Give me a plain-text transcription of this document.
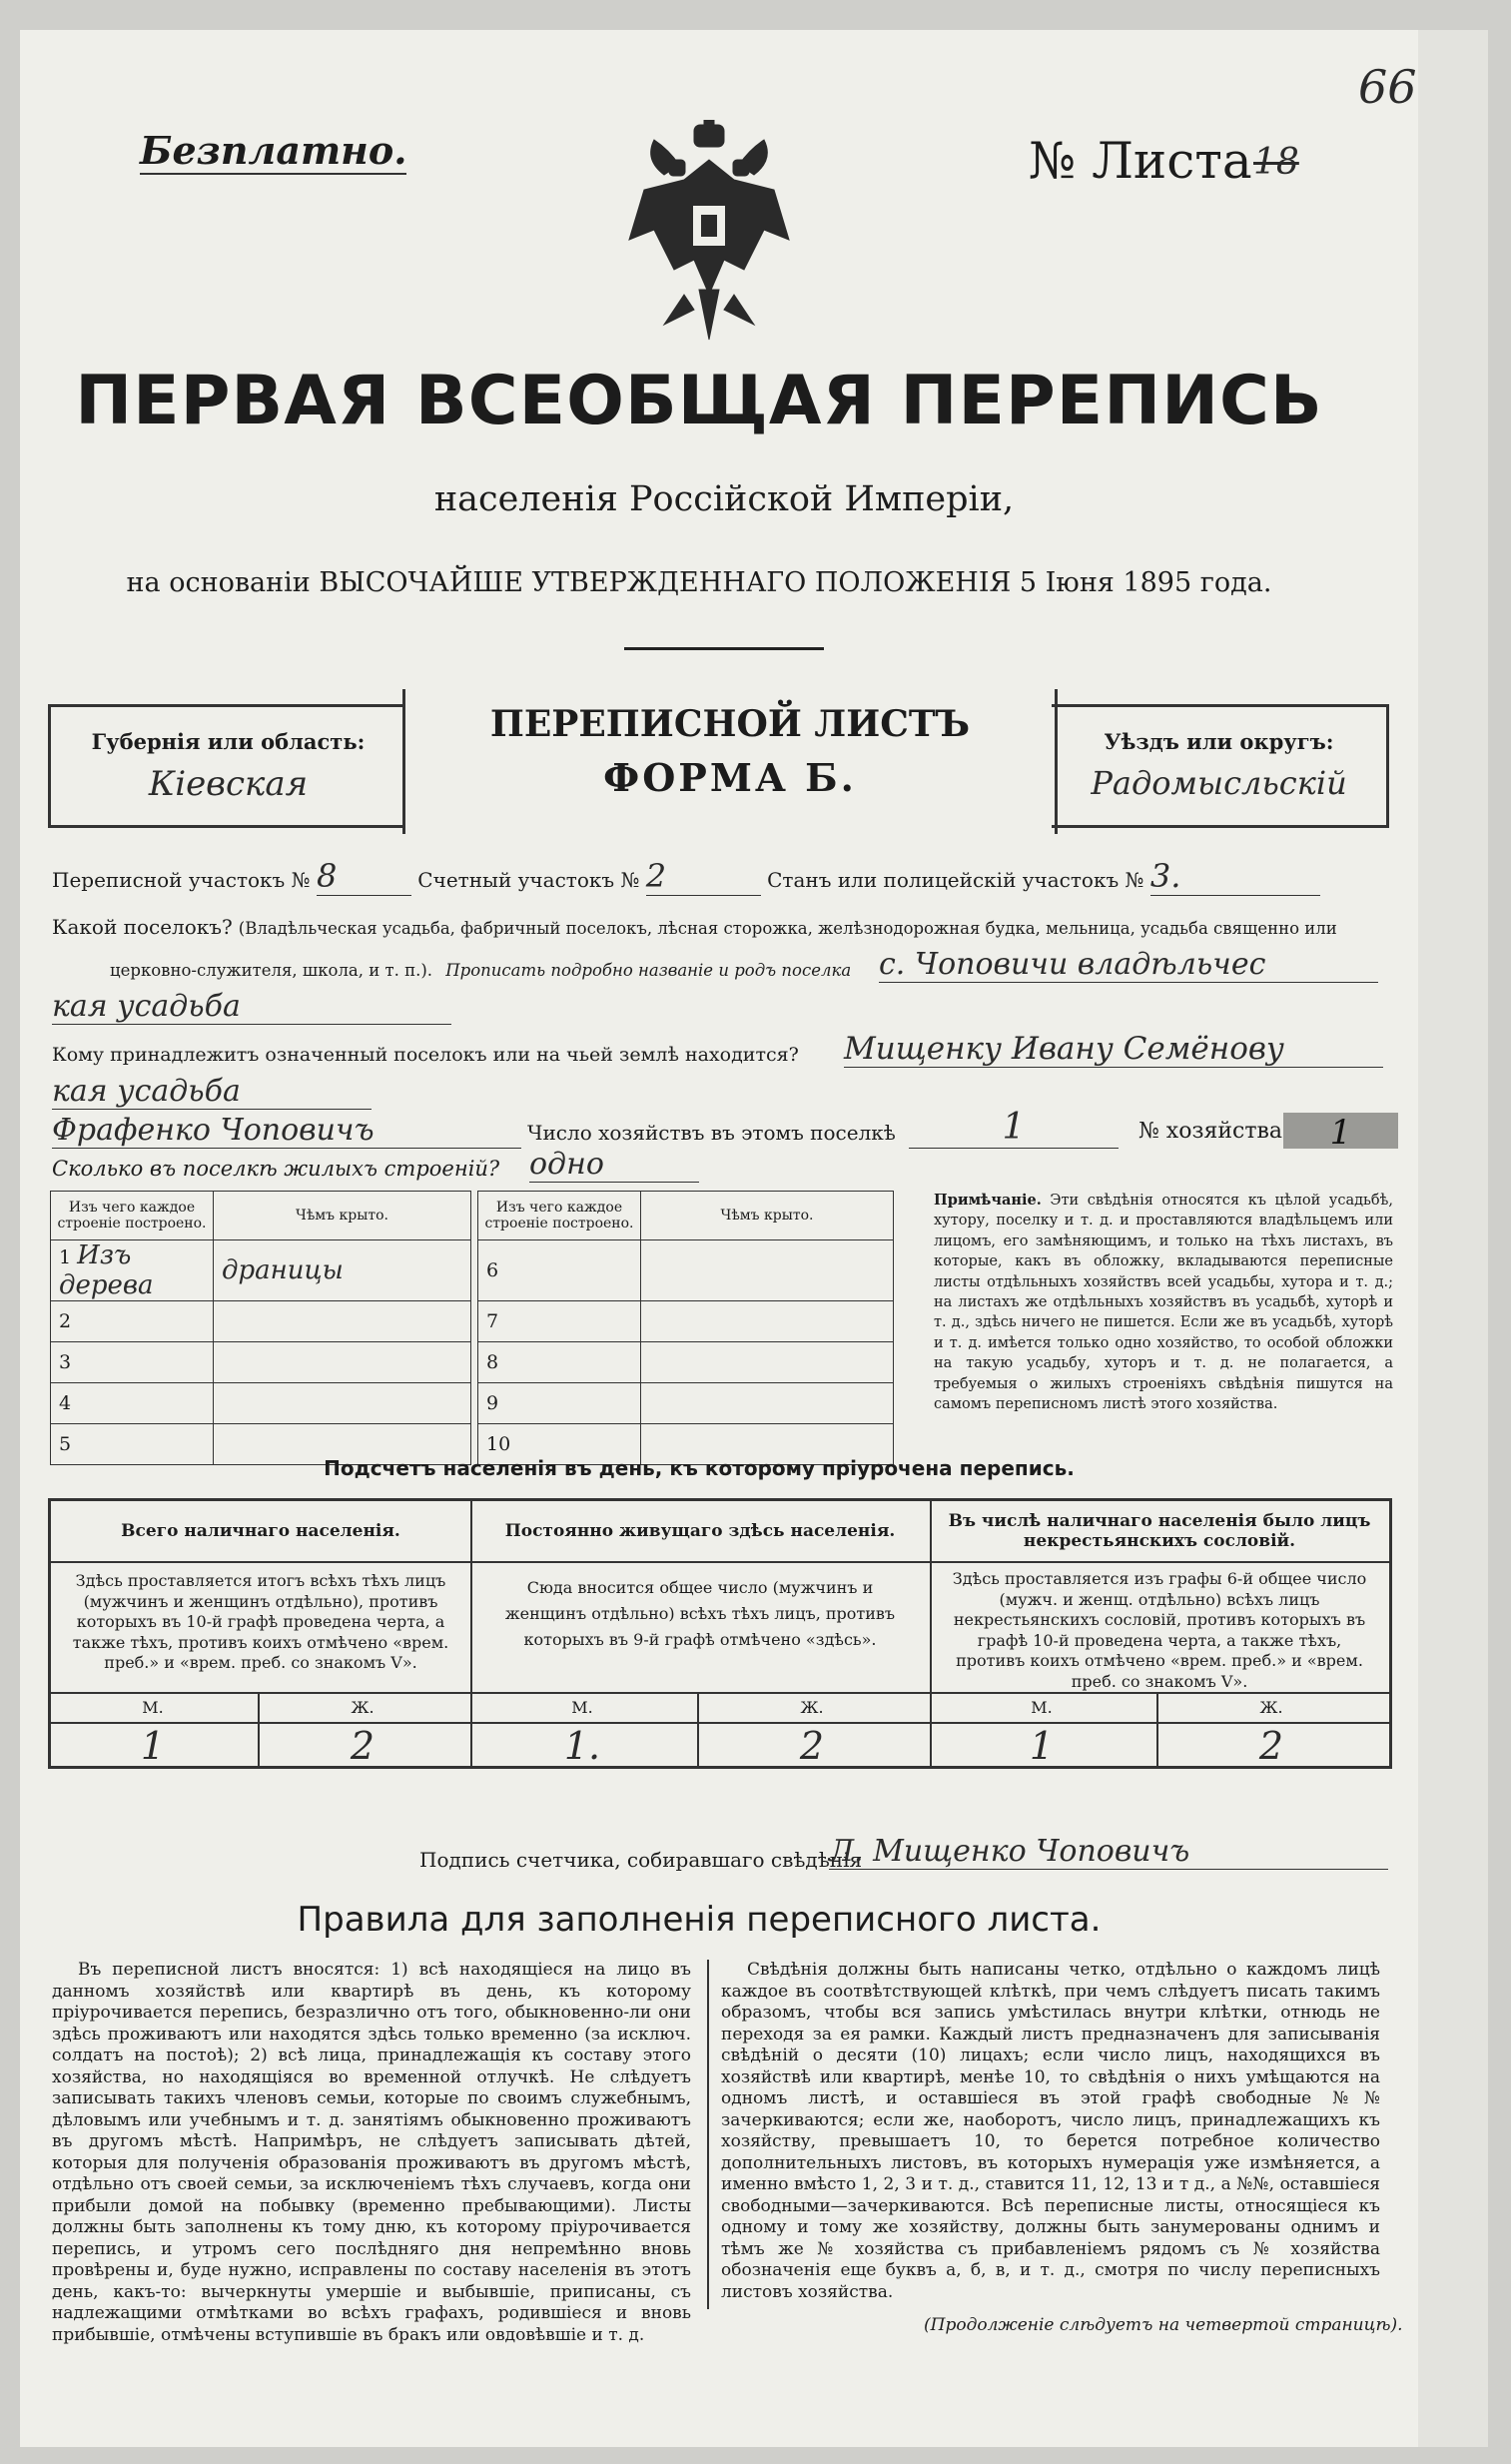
66
Безплатно.	№ Листа 18
ПЕРВАЯ ВСЕОБЩАЯ ПЕРЕПИСЬ
населенія Россійской Имперіи,
на основаніи ВЫСОЧАЙШЕ УТВЕРЖДЕННАГО ПОЛОЖЕНІЯ 5 Іюня 1895 года.
Губернія или область:
Кіевская
ПЕРЕПИСНОЙ ЛИСТЪ
ФОРМА Б.
Уѣздъ или округъ:
Радомысльскій
Переписной участокъ № 8	Счетный участокъ № 2	Станъ или полицейскій участокъ № 3.
Какой поселокъ? (Владѣльческая усадьба, фабричный поселокъ, лѣсная сторожка, желѣзнодорожная будка, мельница, усадьба священно или
церковно-служителя, школа, и т. п.). Прописать подробно названіе и родъ поселка с. Чоповичи владѣльчес
кая усадьба
Кому принадлежитъ означенный поселокъ или на чьей землѣ находится? Мищенку Ивану Семёнову
кая усадьба
Фрафенко Чоповичъ	Число хозяйствъ въ этомъ поселкѣ	1	№ хозяйства	1
Сколько въ поселкѣ жилыхъ строеній? одно
Изъ чего каждое строеніе построено.	Чѣмъ крыто.		Изъ чего каждое строеніе построено.	Чѣмъ крыто.
1 Изъ дерева	драницы		6	
2			7	
3			8	
4			9	
5			10	
Примѣчаніе. Эти свѣдѣнія относятся къ цѣлой усадьбѣ, хутору, поселку и т. д. и проставляются владѣльцемъ или лицомъ, его замѣняющимъ, и только на тѣхъ листахъ, въ которые, какъ въ обложку, вкладываются переписные листы отдѣльныхъ хозяйствъ всей усадьбы, хутора и т. д.; на листахъ же отдѣльныхъ хозяйствъ въ усадьбѣ, хуторѣ и т. д., здѣсь ничего не пишется. Если же въ усадьбѣ, хуторѣ и т. д. имѣется только одно хозяйство, то особой обложки на такую усадьбу, хуторъ и т. д. не полагается, а требуемыя о жилыхъ строеніяхъ свѣдѣнія пишутся на самомъ переписномъ листѣ этого хозяйства.
Подсчетъ населенія въ день, къ которому пріурочена перепись.
Всего наличнаго населенія.
Здѣсь проставляется итогъ всѣхъ тѣхъ лицъ (мужчинъ и женщинъ отдѣльно), противъ которыхъ въ 10-й графѣ проведена черта, а также тѣхъ, противъ коихъ отмѣчено «врем. преб.» и «врем. преб. со знакомъ V».
Постоянно живущаго здѣсь населенія.
Сюда вносится общее число (мужчинъ и женщинъ отдѣльно) всѣхъ тѣхъ лицъ, противъ которыхъ въ 9-й графѣ отмѣчено «здѣсь».
Въ числѣ наличнаго населенія было лицъ некрестьянскихъ сословій.
Здѣсь проставляется изъ графы 6-й общее число (мужч. и женщ. отдѣльно) всѣхъ лицъ некрестьянскихъ сословій, противъ которыхъ въ графѣ 10-й проведена черта, а также тѣхъ, противъ коихъ отмѣчено «врем. преб.» и «врем. преб. со знакомъ V».
М.	Ж.	М.	Ж.	М.	Ж.
1	2	1.	2	1	2
Подпись счетчика, собиравшаго свѣдѣнія
Л. Мищенко Чоповичъ
Правила для заполненія переписного листа.
Въ переписной листъ вносятся: 1) всѣ находящіеся на лицо въ данномъ хозяйствѣ или квартирѣ въ день, къ которому пріурочивается перепись, безразлично отъ того, обыкновенно-ли они здѣсь проживаютъ или находятся здѣсь только временно (за исключ. солдатъ на постоѣ); 2) всѣ лица, принадлежащія къ составу этого хозяйства, но находящіяся во временной отлучкѣ. Не слѣдуетъ записывать такихъ членовъ семьи, которые по своимъ служебнымъ, дѣловымъ или учебнымъ и т. д. занятіямъ обыкновенно проживаютъ въ другомъ мѣстѣ. Напримѣръ, не слѣдуетъ записывать дѣтей, которыя для полученія образованія проживаютъ въ другомъ мѣстѣ, отдѣльно отъ своей семьи, за исключеніемъ тѣхъ случаевъ, когда они прибыли домой на побывку (временно пребывающими). Листы должны быть заполнены къ тому дню, къ которому пріурочивается перепись, и утромъ сего послѣдняго дня непремѣнно вновь провѣрены и, буде нужно, исправлены по составу населенія въ этотъ день, какъ-то: вычеркнуты умершіе и выбывшіе, приписаны, съ надлежащими отмѣтками во всѣхъ графахъ, родившіеся и вновь прибывшіе, отмѣчены вступившіе въ бракъ или овдовѣвшіе и т. д.
Свѣдѣнія должны быть написаны четко, отдѣльно о каждомъ лицѣ каждое въ соотвѣтствующей клѣткѣ, при чемъ слѣдуетъ писать такимъ образомъ, чтобы вся запись умѣстилась внутри клѣтки, отнюдь не переходя за ея рамки. Каждый листъ предназначенъ для записыванія свѣдѣній о десяти (10) лицахъ; если число лицъ, находящихся въ хозяйствѣ или квартирѣ, менѣе 10, то свѣдѣнія о нихъ умѣщаются на одномъ листѣ, и оставшіеся въ этой графѣ свободные №№ зачеркиваются; если же, наоборотъ, число лицъ, принадлежащихъ къ хозяйству, превышаетъ 10, то берется потребное количество дополнительныхъ листовъ, въ которыхъ нумерація уже измѣняется, а именно вмѣсто 1, 2, 3 и т. д., ставится 11, 12, 13 и т д., а №№, оставшіеся свободными—зачеркиваются. Всѣ переписные листы, относящіеся къ одному и тому же хозяйству, должны быть занумерованы однимъ и тѣмъ же № хозяйства съ прибавленіемъ рядомъ съ № хозяйства обозначенія еще буквъ а, б, в, и т. д., смотря по числу переписныхъ листовъ хозяйства.
(Продолженіе слѣдуетъ на четвертой страницѣ).
